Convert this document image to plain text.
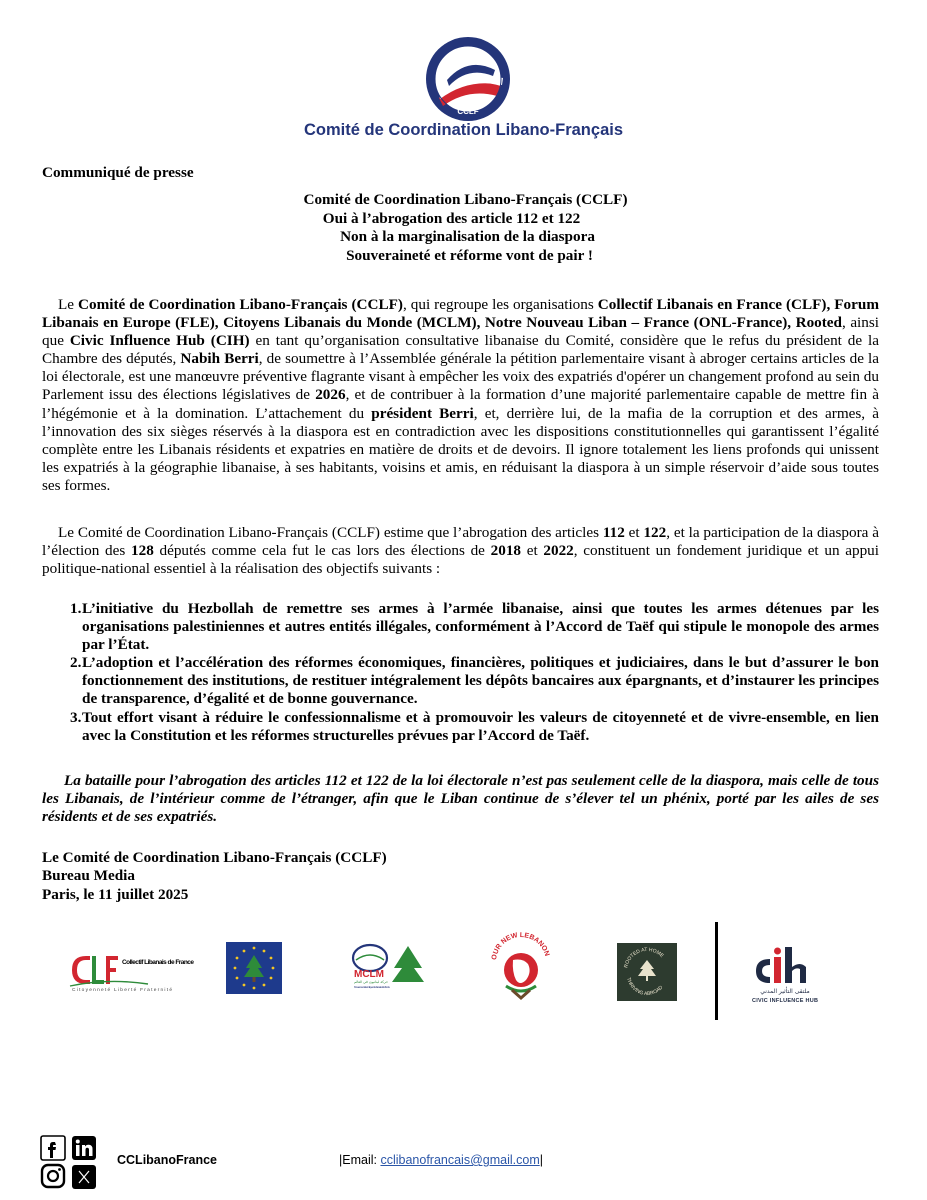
CCLF
Comité de Coordination Libano-Français
Communiqué de presse
Comité de Coordination Libano-Français (CCLF)
Oui à l’abrogation des article 112 et 122
Non à la marginalisation de la diaspora
Souveraineté et réforme vont de pair !
Le Comité de Coordination Libano-Français (CCLF), qui regroupe les organisations Collectif Libanais en France (CLF), Forum Libanais en Europe (FLE), Citoyens Libanais du Monde (MCLM), Notre Nouveau Liban – France (ONL-France), Rooted, ainsi que Civic Influence Hub (CIH) en tant qu’organisation consultative libanaise du Comité, considère que le refus du président de la Chambre des députés, Nabih Berri, de soumettre à l’Assemblée générale la pétition parlementaire visant à abroger certains articles de la loi électorale, est une manœuvre préventive flagrante visant à empêcher les voix des expatriés d'opérer un changement profond au sein du Parlement issu des élections législatives de 2026, et de contribuer à la formation d’une majorité parlementaire capable de mettre fin à l’hégémonie et à la domination. L’attachement du président Berri, et, derrière lui, de la mafia de la corruption et des armes, à l’innovation des six sièges réservés à la diaspora est en contradiction avec les dispositions constitutionnelles qui garantissent l’égalité complète entre les Libanais résidents et expatries en matière de droits et de devoirs. Il ignore totalement les liens profonds qui unissent les expatriés à la géographie libanaise, à ses habitants, voisins et amis, en réduisant la diaspora à un simple réservoir d’aide sous toutes ses formes.
Le Comité de Coordination Libano-Français (CCLF) estime que l’abrogation des articles 112 et 122, et la participation de la diaspora à l’élection des 128 députés comme cela fut le cas lors des élections de 2018 et 2022, constituent un fondement juridique et un appui politique-national essentiel à la réalisation des objectifs suivants :
1. L’initiative du Hezbollah de remettre ses armes à l’armée libanaise, ainsi que toutes les armes détenues par les organisations palestiniennes et autres entités illégales, conformément à l’Accord de Taëf qui stipule le monopole des armes par l’État.
2. L’adoption et l’accélération des réformes économiques, financières, politiques et judiciaires, dans le but d’assurer le bon fonctionnement des institutions, de restituer intégralement les dépôts bancaires aux épargnants, et d’instaurer les principes de transparence, d’égalité et de bonne gouvernance.
3. Tout effort visant à réduire le confessionnalisme et à promouvoir les valeurs de citoyenneté et de vivre-ensemble, en lien avec la Constitution et les réformes structurelles prévues par l’Accord de Taëf.
La bataille pour l’abrogation des articles 112 et 122 de la loi électorale n’est pas seulement celle de la diaspora, mais celle de tous les Libanais, de l’intérieur comme de l’étranger, afin que le Liban continue de s’élever tel un phénix, porté par les ailes de ses résidents et de ses expatriés.
Le Comité de Coordination Libano-Français (CCLF)
Bureau Media
Paris, le 11 juillet 2025
Collectif Libanais de France
Citoyenneté Liberté Fraternité
MCLM
حركة لبنانيون في العالم
Mouvement des Citoyens Libanais du Monde
OUR NEW LEBANON
ROOTED AT HOME
THRIVING ABROAD	ملتقى التأثير المدني
CIVIC INFLUENCE HUB
CCLibanoFrance	|Email: cclibanofrancais@gmail.com|
